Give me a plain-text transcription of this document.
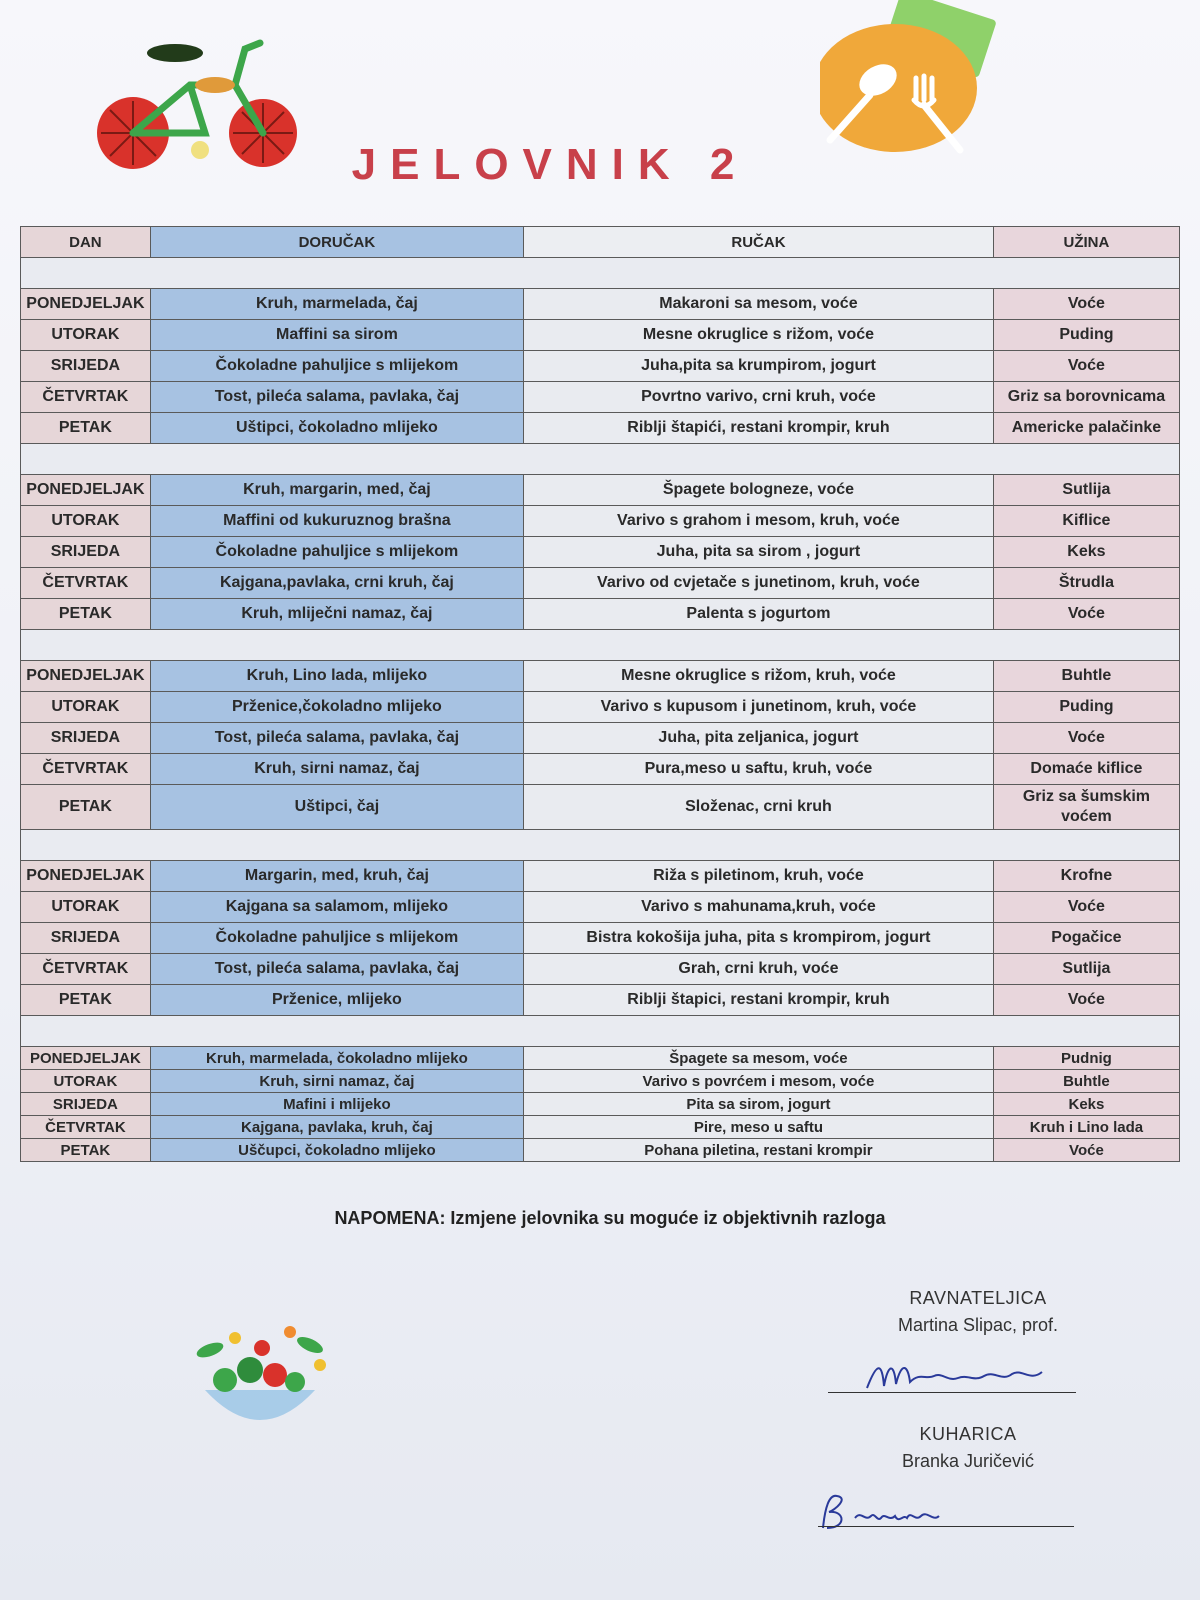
JELOVNIK 2
DAN	DORUČAK	RUČAK	UŽINA

PONEDJELJAK	Kruh, marmelada, čaj	Makaroni sa mesom, voće	Voće
UTORAK	Maffini sa sirom	Mesne okruglice s rižom, voće	Puding
SRIJEDA	Čokoladne pahuljice s mlijekom	Juha,pita sa krumpirom, jogurt	Voće
ČETVRTAK	Tost, pileća salama, pavlaka, čaj	Povrtno varivo, crni kruh, voće	Griz sa borovnicama
PETAK	Uštipci, čokoladno mlijeko	Riblji štapići, restani krompir, kruh	Americke palačinke

PONEDJELJAK	Kruh, margarin, med, čaj	Špagete bologneze, voće	Sutlija
UTORAK	Maffini od kukuruznog brašna	Varivo s grahom i mesom, kruh, voće	Kiflice
SRIJEDA	Čokoladne pahuljice s mlijekom	Juha, pita sa sirom , jogurt	Keks
ČETVRTAK	Kajgana,pavlaka, crni kruh, čaj	Varivo od cvjetače s junetinom, kruh, voće	Štrudla
PETAK	Kruh, mliječni namaz, čaj	Palenta s jogurtom	Voće

PONEDJELJAK	Kruh, Lino lada, mlijeko	Mesne okruglice s rižom, kruh, voće	Buhtle
UTORAK	Prženice,čokoladno mlijeko	Varivo s kupusom i junetinom, kruh, voće	Puding
SRIJEDA	Tost, pileća salama, pavlaka, čaj	Juha, pita zeljanica, jogurt	Voće
ČETVRTAK	Kruh, sirni namaz, čaj	Pura,meso u saftu, kruh, voće	Domaće kiflice
PETAK	Uštipci, čaj	Složenac, crni kruh	Griz sa šumskim voćem

PONEDJELJAK	Margarin, med, kruh, čaj	Riža s piletinom, kruh, voće	Krofne
UTORAK	Kajgana sa salamom, mlijeko	Varivo s mahunama,kruh, voće	Voće
SRIJEDA	Čokoladne pahuljice s mlijekom	Bistra kokošija juha, pita s krompirom, jogurt	Pogačice
ČETVRTAK	Tost, pileća salama, pavlaka, čaj	Grah, crni kruh, voće	Sutlija
PETAK	Prženice, mlijeko	Riblji štapici, restani krompir, kruh	Voće

PONEDJELJAK	Kruh, marmelada, čokoladno mlijeko	Špagete sa mesom, voće	Pudnig
UTORAK	Kruh, sirni namaz, čaj	Varivo s povrćem i mesom, voće	Buhtle
SRIJEDA	Mafini i mlijeko	Pita sa sirom, jogurt	Keks
ČETVRTAK	Kajgana, pavlaka, kruh, čaj	Pire, meso u saftu	Kruh i Lino lada
PETAK	Uščupci, čokoladno mlijeko	Pohana piletina, restani krompir	Voće
NAPOMENA: Izmjene jelovnika su moguće iz objektivnih razloga
RAVNATELJICA
Martina Slipac, prof.
KUHARICA
Branka Juričević
